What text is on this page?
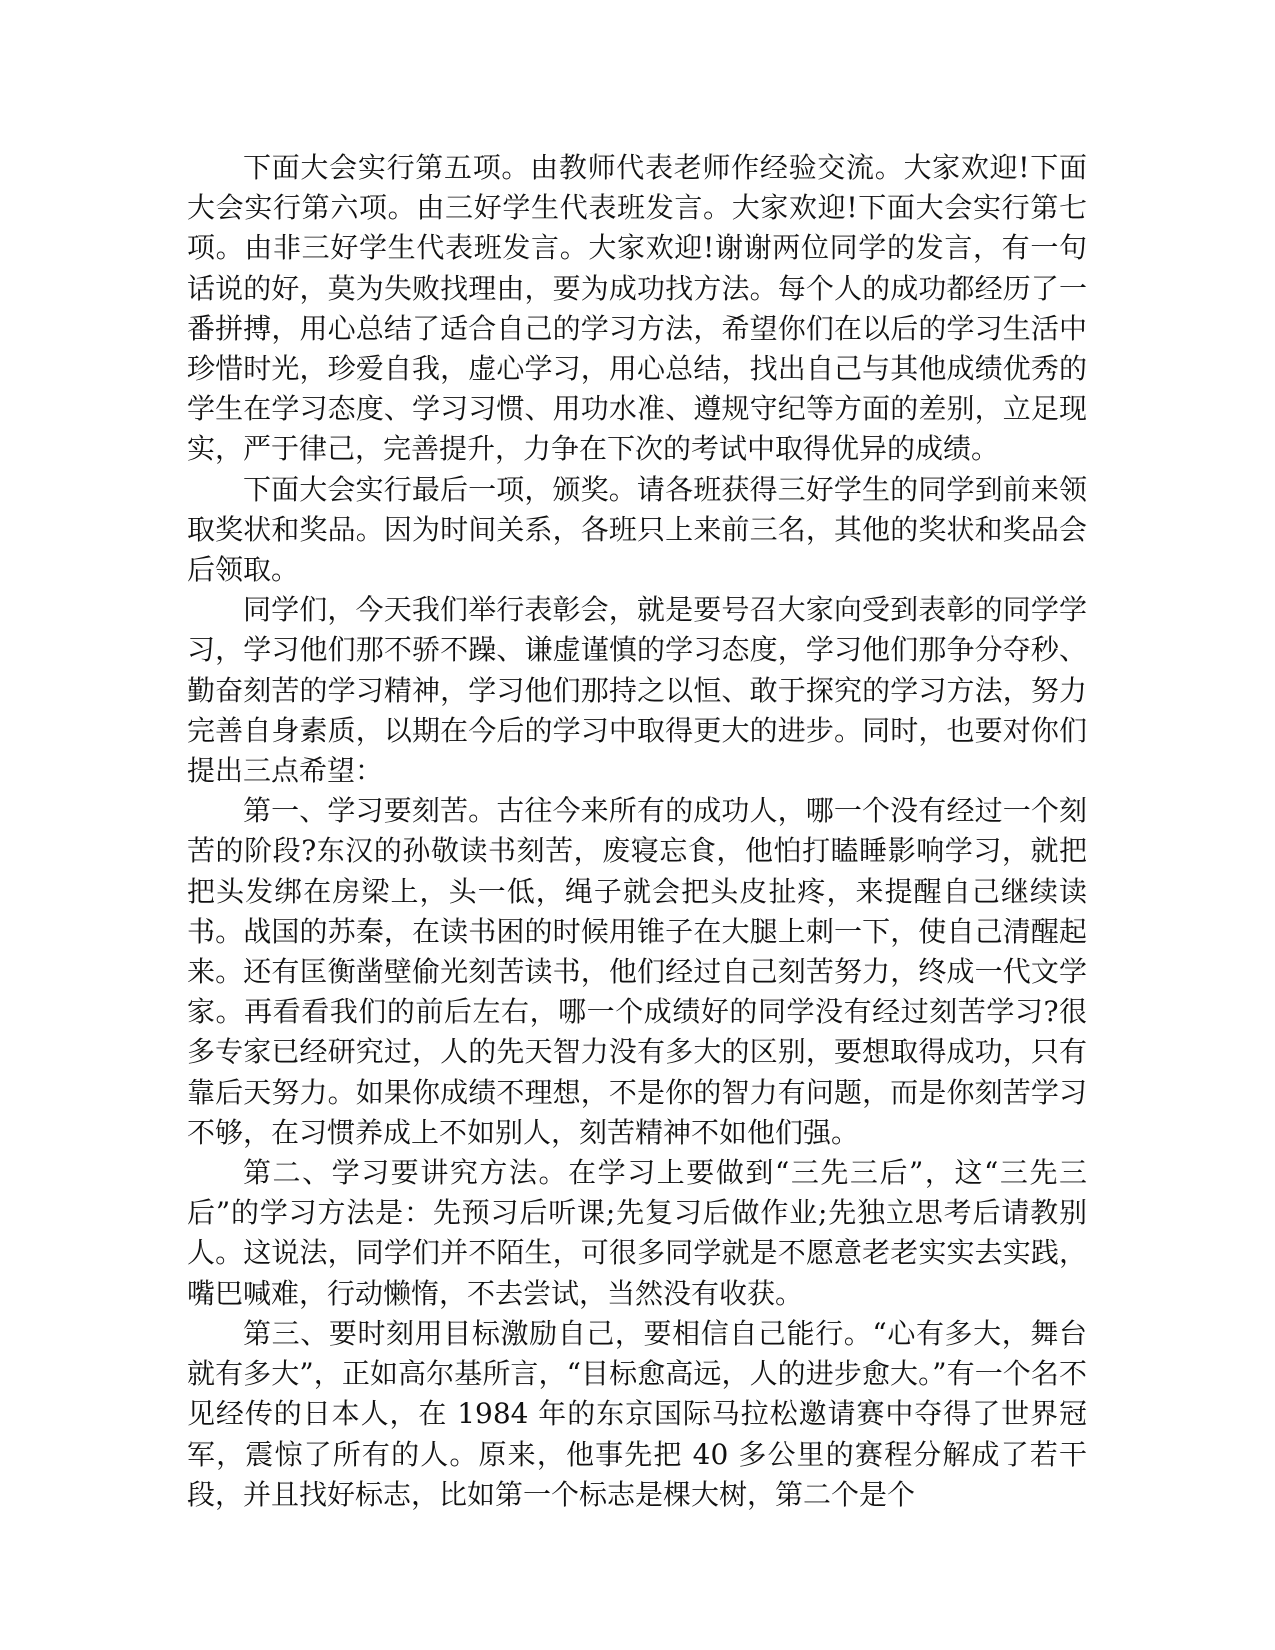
下面大会实行第五项。由教师代表老师作经验交流。大家欢迎!下面大会实行第六项。由三好学生代表班发言。大家欢迎!下面大会实行第七项。由非三好学生代表班发言。大家欢迎!谢谢两位同学的发言，有一句话说的好，莫为失败找理由，要为成功找方法。每个人的成功都经历了一番拼搏，用心总结了适合自己的学习方法，希望你们在以后的学习生活中珍惜时光，珍爱自我，虚心学习，用心总结，找出自己与其他成绩优秀的学生在学习态度、学习习惯、用功水准、遵规守纪等方面的差别，立足现实，严于律己，完善提升，力争在下次的考试中取得优异的成绩。

下面大会实行最后一项，颁奖。请各班获得三好学生的同学到前来领取奖状和奖品。因为时间关系，各班只上来前三名，其他的奖状和奖品会后领取。

同学们，今天我们举行表彰会，就是要号召大家向受到表彰的同学学习，学习他们那不骄不躁、谦虚谨慎的学习态度，学习他们那争分夺秒、勤奋刻苦的学习精神，学习他们那持之以恒、敢于探究的学习方法，努力完善自身素质，以期在今后的学习中取得更大的进步。同时，也要对你们提出三点希望：

第一、学习要刻苦。古往今来所有的成功人，哪一个没有经过一个刻苦的阶段?东汉的孙敬读书刻苦，废寝忘食，他怕打瞌睡影响学习，就把把头发绑在房梁上，头一低，绳子就会把头皮扯疼，来提醒自己继续读书。战国的苏秦，在读书困的时候用锥子在大腿上刺一下，使自己清醒起来。还有匡衡凿壁偷光刻苦读书，他们经过自己刻苦努力，终成一代文学家。再看看我们的前后左右，哪一个成绩好的同学没有经过刻苦学习?很多专家已经研究过，人的先天智力没有多大的区别，要想取得成功，只有靠后天努力。如果你成绩不理想，不是你的智力有问题，而是你刻苦学习不够，在习惯养成上不如别人，刻苦精神不如他们强。

第二、学习要讲究方法。在学习上要做到“三先三后”，这“三先三后”的学习方法是：先预习后听课;先复习后做作业;先独立思考后请教别人。这说法，同学们并不陌生，可很多同学就是不愿意老老实实去实践，嘴巴喊难，行动懒惰，不去尝试，当然没有收获。

第三、要时刻用目标激励自己，要相信自己能行。“心有多大，舞台就有多大”，正如高尔基所言，“目标愈高远，人的进步愈大。”有一个名不见经传的日本人，在 1984 年的东京国际马拉松邀请赛中夺得了世界冠军，震惊了所有的人。原来，他事先把 40 多公里的赛程分解成了若干段，并且找好标志，比如第一个标志是棵大树，第二个是个
